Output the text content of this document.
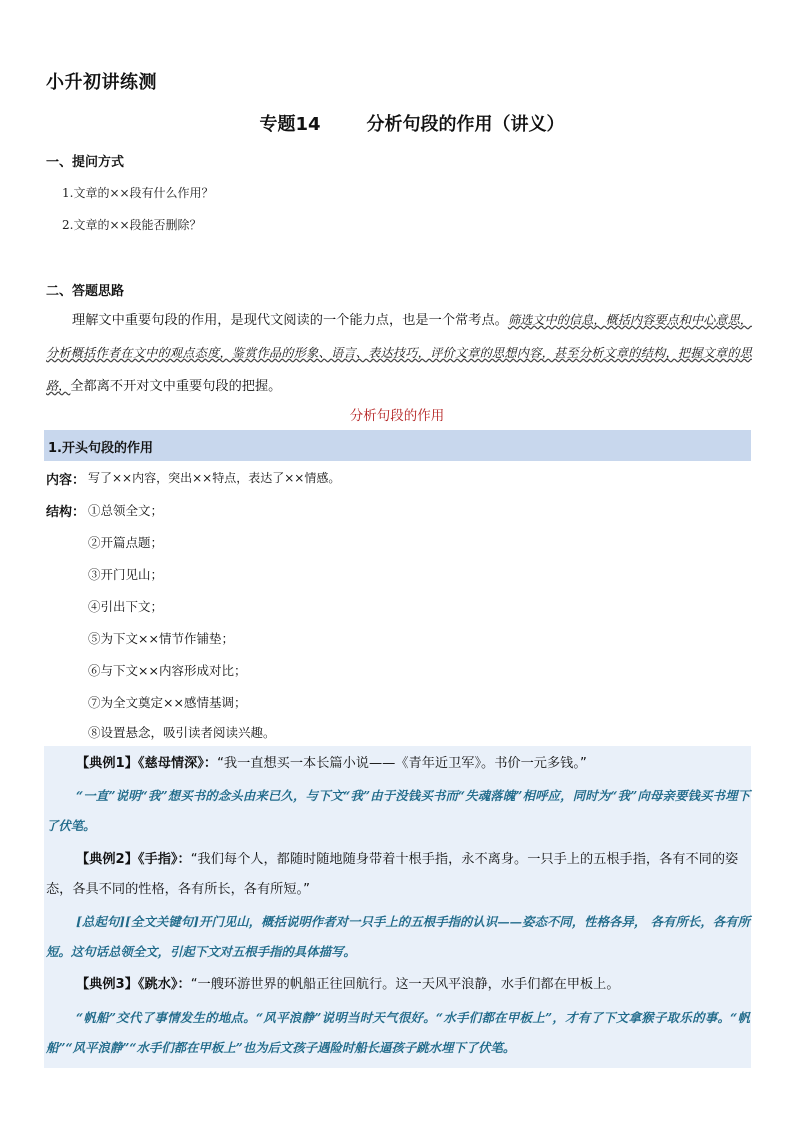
小升初讲练测
专题14	分析句段的作用（讲义）
一、提问方式
1.文章的××段有什么作用？
2.文章的××段能否删除？
二、答题思路
理解文中重要句段的作用，是现代文阅读的一个能力点，也是一个常考点。筛选文中的信息，概括内容要点和中心意思，分析概括作者在文中的观点态度，鉴赏作品的形象、语言、表达技巧，评价文章的思想内容，甚至分析文章的结构，把握文章的思路，全都离不开对文中重要句段的把握。
分析句段的作用
1.开头句段的作用
内容： 写了××内容，突出××特点，表达了××情感。
结构： ①总领全文；
②开篇点题；
③开门见山；
④引出下文；
⑤为下文××情节作铺垫；
⑥与下文××内容形成对比；
⑦为全文奠定××感情基调；
⑧设置悬念，吸引读者阅读兴趣。
【典例1】《慈母情深》：“我一直想买一本长篇小说——《青年近卫军》。书价一元多钱。”
“一直”说明“我”想买书的念头由来已久，与下文“我”由于没钱买书而“失魂落魄”相呼应，同时为“我”向母亲要钱买书埋下了伏笔。
【典例2】《手指》：“我们每个人，都随时随地随身带着十根手指，永不离身。一只手上的五根手指，各有不同的姿态，各具不同的性格，各有所长，各有所短。”
[总起句][全文关键句]开门见山，概括说明作者对一只手上的五根手指的认识——姿态不同，性格各异， 各有所长，各有所短。这句话总领全文，引起下文对五根手指的具体描写。
【典例3】《跳水》：“一艘环游世界的帆船正往回航行。这一天风平浪静，水手们都在甲板上。
“帆船”交代了事情发生的地点。“风平浪静”说明当时天气很好。“水手们都在甲板上”，才有了下文拿猴子取乐的事。“帆船”“风平浪静”“水手们都在甲板上”也为后文孩子遇险时船长逼孩子跳水埋下了伏笔。
